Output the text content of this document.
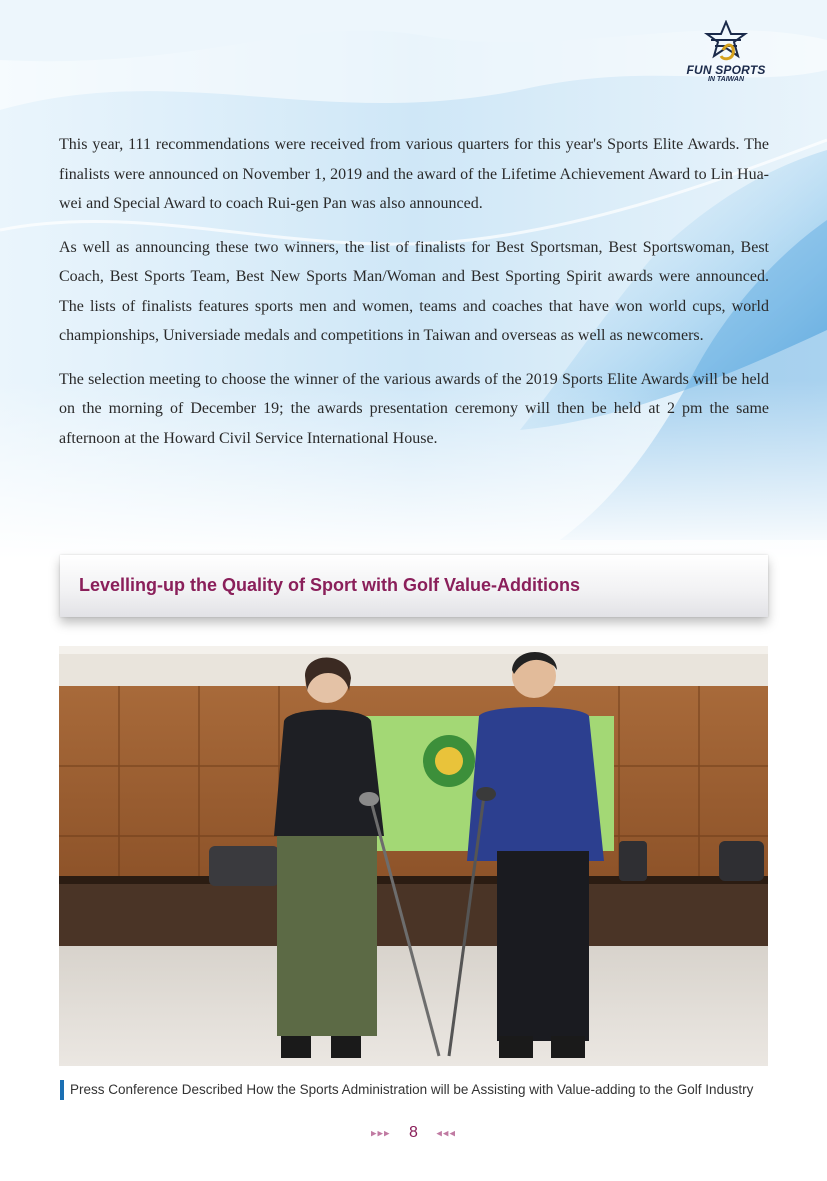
FUN SPORTS
IN TAIWAN

This year, 111 recommendations were received from various quarters for this year's Sports Elite Awards. The finalists were announced on November 1, 2019 and the award of the Lifetime Achievement Award to Lin Hua-wei and Special Award to coach Rui-gen Pan was also announced.

As well as announcing these two winners, the list of finalists for Best Sportsman, Best Sportswoman, Best Coach, Best Sports Team, Best New Sports Man/Woman and Best Sporting Spirit awards were announced. The lists of finalists features sports men and women, teams and coaches that have won world cups, world championships, Universiade medals and competitions in Taiwan and overseas as well as newcomers.

The selection meeting to choose the winner of the various awards of the 2019 Sports Elite Awards will be held on the morning of December 19; the awards presentation ceremony will then be held at 2 pm the same afternoon at the Howard Civil Service International House.

Levelling-up the Quality of Sport with Golf Value-Additions
Press Conference Described How the Sports Administration will be Assisting with Value-adding to the Golf Industry
▸▸▸ 8 ◂◂◂
